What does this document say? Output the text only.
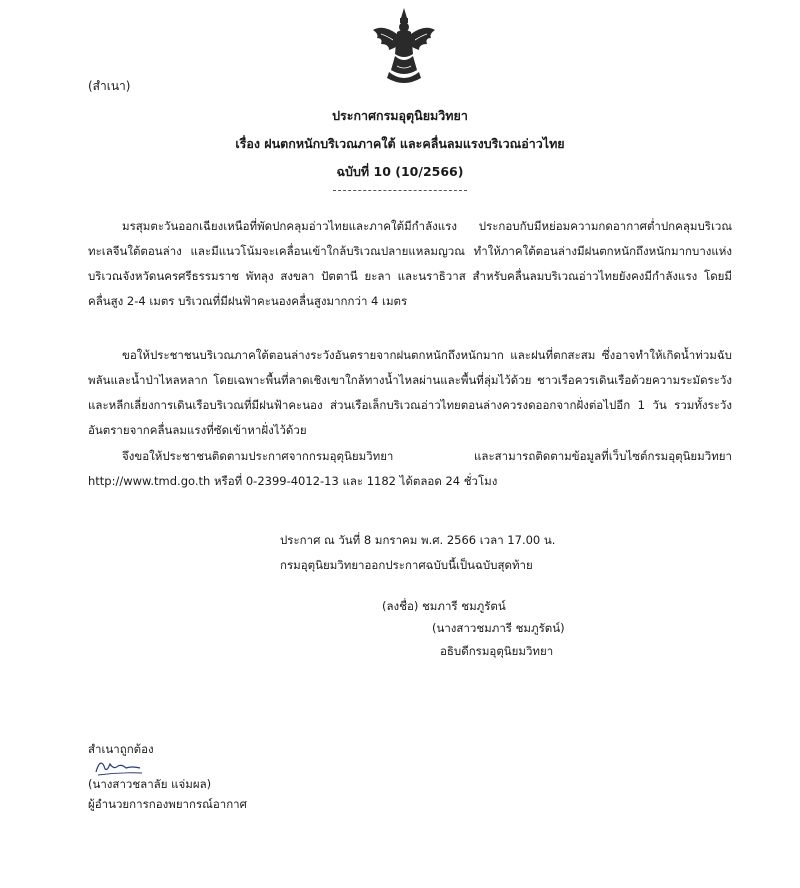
(สำเนา)
ประกาศกรมอุตุนิยมวิทยา
เรื่อง ฝนตกหนักบริเวณภาคใต้ และคลื่นลมแรงบริเวณอ่าวไทย
ฉบับที่ 10 (10/2566)

มรสุมตะวันออกเฉียงเหนือที่พัดปกคลุมอ่าวไทยและภาคใต้มีกำลังแรง ประกอบกับมีหย่อมความกดอากาศต่ำปกคลุมบริเวณทะเลจีนใต้ตอนล่าง และมีแนวโน้มจะเคลื่อนเข้าใกล้บริเวณปลายแหลมญวณ ทำให้ภาคใต้ตอนล่างมีฝนตกหนักถึงหนักมากบางแห่งบริเวณจังหวัดนครศรีธรรมราช พัทลุง สงขลา ปัตตานี ยะลา และนราธิวาส สำหรับคลื่นลมบริเวณอ่าวไทยยังคงมีกำลังแรง โดยมีคลื่นสูง 2-4 เมตร บริเวณที่มีฝนฟ้าคะนองคลื่นสูงมากกว่า 4 เมตร

ขอให้ประชาชนบริเวณภาคใต้ตอนล่างระวังอันตรายจากฝนตกหนักถึงหนักมาก และฝนที่ตกสะสม ซึ่งอาจทำให้เกิดน้ำท่วมฉับพลันและน้ำป่าไหลหลาก โดยเฉพาะพื้นที่ลาดเชิงเขาใกล้ทางน้ำไหลผ่านและพื้นที่ลุ่มไว้ด้วย ชาวเรือควรเดินเรือด้วยความระมัดระวัง และหลีกเลี่ยงการเดินเรือบริเวณที่มีฝนฟ้าคะนอง ส่วนเรือเล็กบริเวณอ่าวไทยตอนล่างควรงดออกจากฝั่งต่อไปอีก 1 วัน รวมทั้งระวังอันตรายจากคลื่นลมแรงที่ซัดเข้าหาฝั่งไว้ด้วย

จึงขอให้ประชาชนติดตามประกาศจากกรมอุตุนิยมวิทยา และสามารถติดตามข้อมูลที่เว็บไซต์กรมอุตุนิยมวิทยา http://www.tmd.go.th หรือที่ 0-2399-4012-13 และ 1182 ได้ตลอด 24 ชั่วโมง

ประกาศ ณ วันที่ 8 มกราคม พ.ศ. 2566 เวลา 17.00 น.
กรมอุตุนิยมวิทยาออกประกาศฉบับนี้เป็นฉบับสุดท้าย
(ลงชื่อ) ชมภารี ชมภูรัตน์
(นางสาวชมภารี ชมภูรัตน์)
อธิบดีกรมอุตุนิยมวิทยา
สำเนาถูกต้อง
(นางสาวชลาลัย แจ่มผล)
ผู้อำนวยการกองพยากรณ์อากาศ
